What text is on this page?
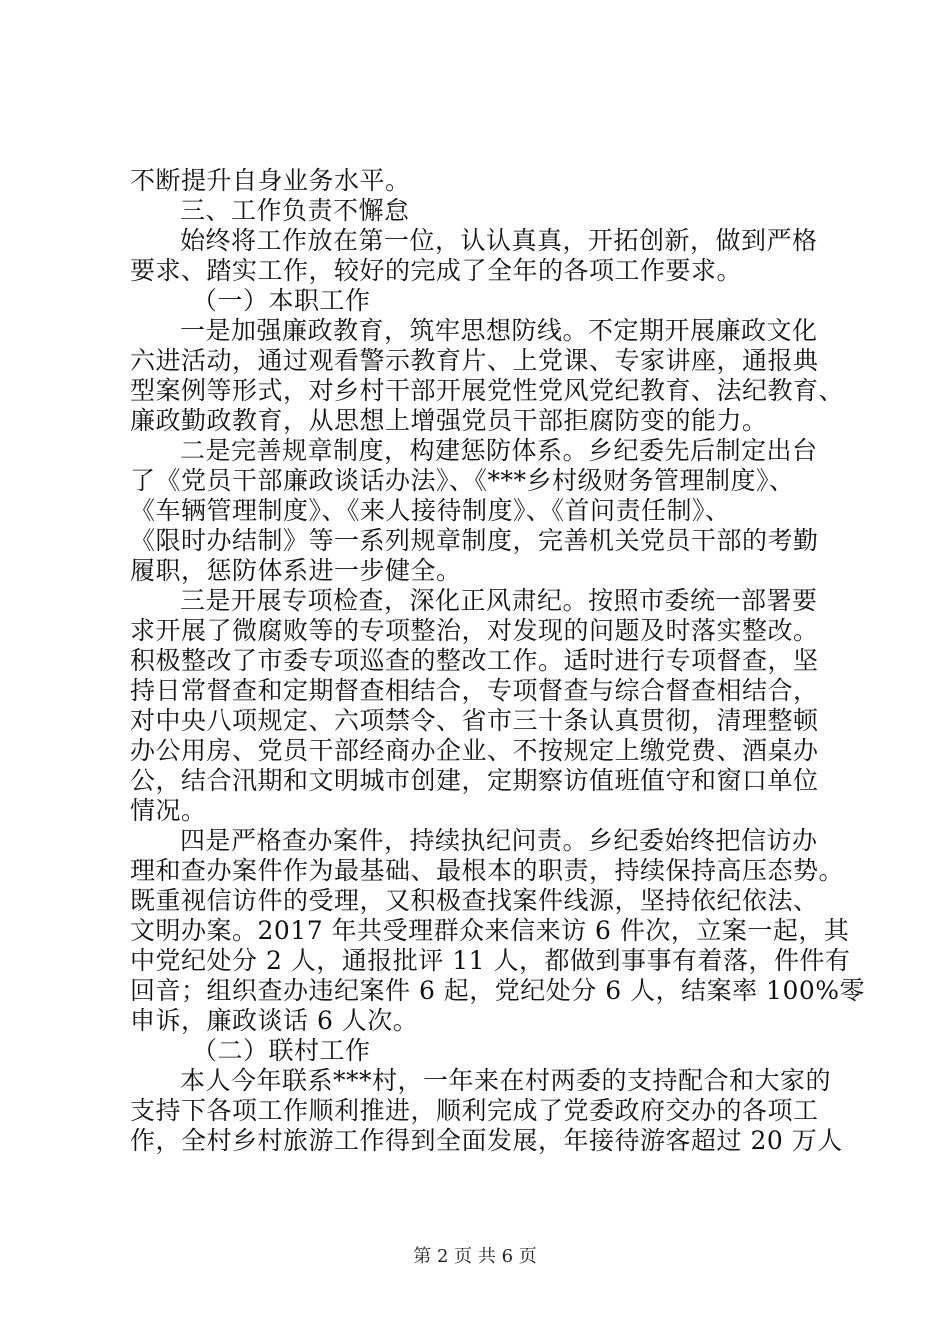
不断提升自身业务水平。
三、工作负责不懈怠
始终将工作放在第一位，认认真真，开拓创新，做到严格
要求、踏实工作，较好的完成了全年的各项工作要求。
（一）本职工作
一是加强廉政教育，筑牢思想防线。不定期开展廉政文化
六进活动，通过观看警示教育片、上党课、专家讲座，通报典
型案例等形式，对乡村干部开展党性党风党纪教育、法纪教育、
廉政勤政教育，从思想上增强党员干部拒腐防变的能力。
二是完善规章制度，构建惩防体系。乡纪委先后制定出台
了《党员干部廉政谈话办法》、《***乡村级财务管理制度》、
《车辆管理制度》、《来人接待制度》、《首问责任制》、
《限时办结制》等一系列规章制度，完善机关党员干部的考勤
履职，惩防体系进一步健全。
三是开展专项检查，深化正风肃纪。按照市委统一部署要
求开展了微腐败等的专项整治，对发现的问题及时落实整改。
积极整改了市委专项巡查的整改工作。适时进行专项督查，坚
持日常督查和定期督查相结合，专项督查与综合督查相结合，
对中央八项规定、六项禁令、省市三十条认真贯彻，清理整顿
办公用房、党员干部经商办企业、不按规定上缴党费、酒桌办
公，结合汛期和文明城市创建，定期察访值班值守和窗口单位
情况。
四是严格查办案件，持续执纪问责。乡纪委始终把信访办
理和查办案件作为最基础、最根本的职责，持续保持高压态势。
既重视信访件的受理，又积极查找案件线源，坚持依纪依法、
文明办案。2017 年共受理群众来信来访 6 件次，立案一起，其
中党纪处分 2 人，通报批评 11 人，都做到事事有着落，件件有
回音；组织查办违纪案件 6 起，党纪处分 6 人，结案率 100%零
申诉，廉政谈话 6 人次。
（二）联村工作
本人今年联系***村，一年来在村两委的支持配合和大家的
支持下各项工作顺利推进，顺利完成了党委政府交办的各项工
作，全村乡村旅游工作得到全面发展，年接待游客超过 20 万人
第 2 页 共 6 页
